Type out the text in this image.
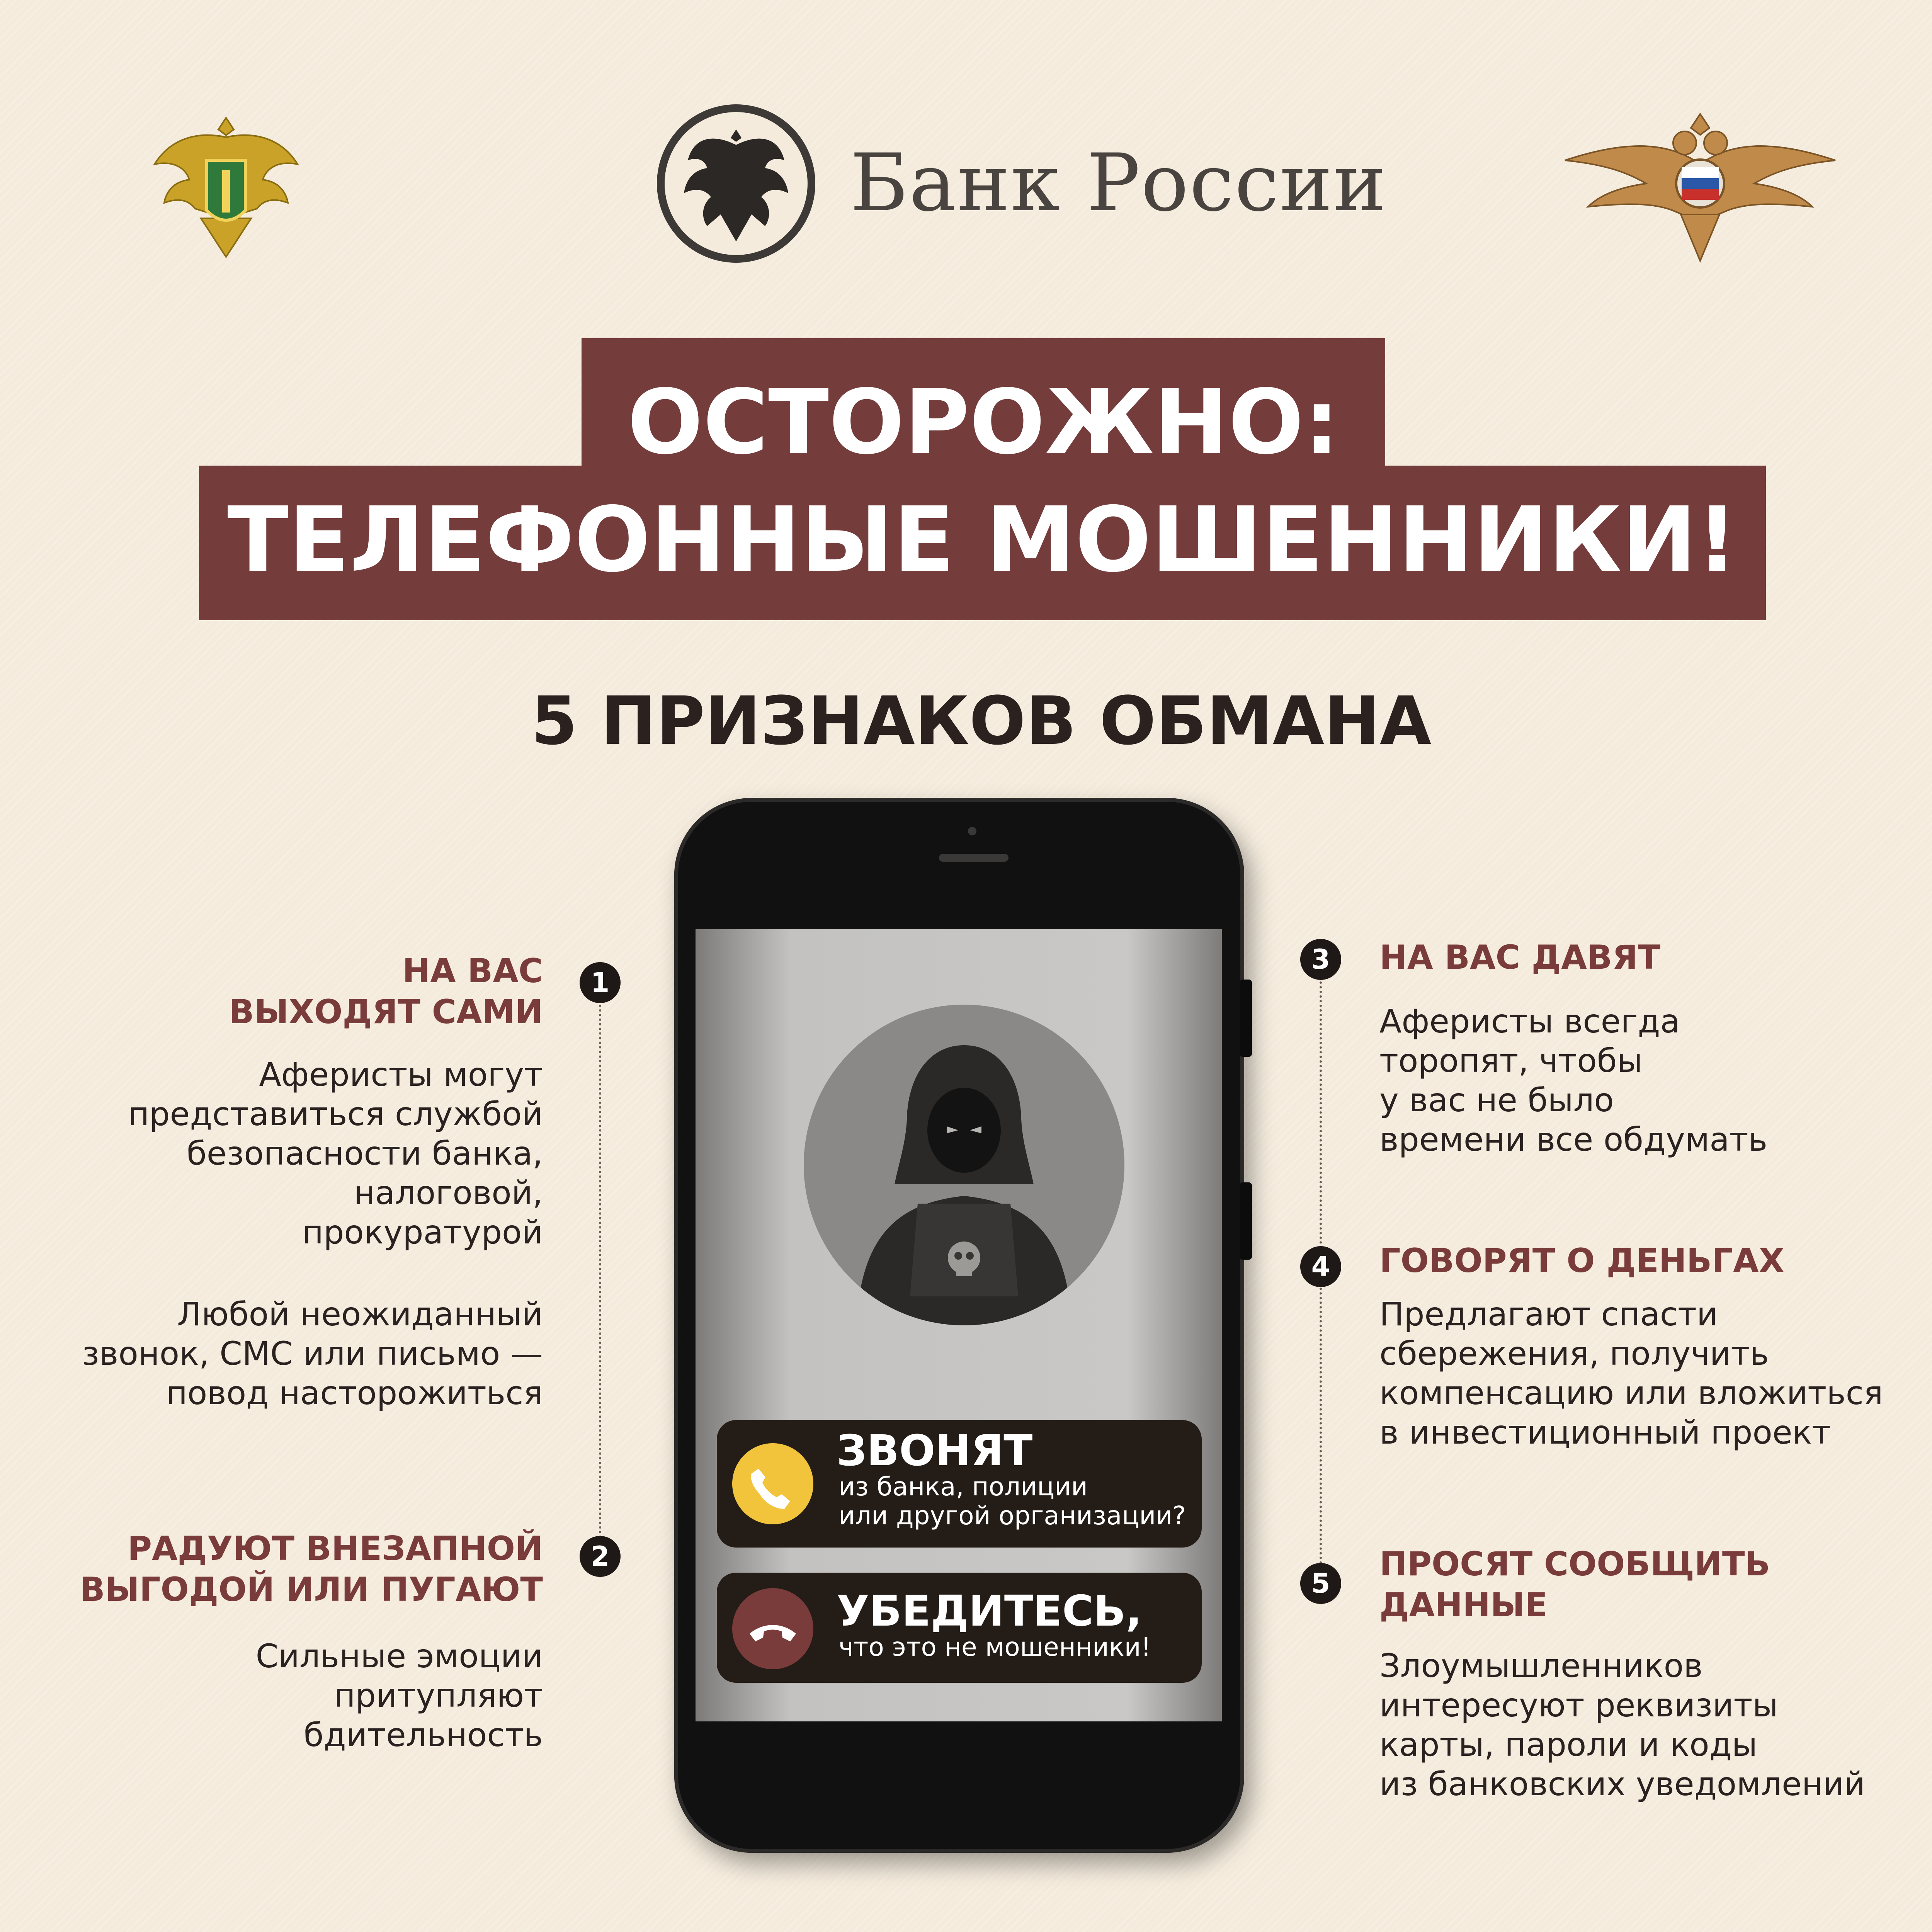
Банк России
ОСТОРОЖНО:
ТЕЛЕФОННЫЕ МОШЕННИКИ!
5 ПРИЗНАКОВ ОБМАНА
ЗВОНЯТ
из банка, полиции
или другой организации?
УБЕДИТЕСЬ,
что это не мошенники!
1
2
НА ВАС
ВЫХОДЯТ САМИ
Аферисты могут
представиться службой
безопасности банка,
налоговой,
прокуратурой
Любой неожиданный
звонок, СМС или письмо —
повод насторожиться
РАДУЮТ ВНЕЗАПНОЙ
ВЫГОДОЙ ИЛИ ПУГАЮТ
Сильные эмоции
притупляют
бдительность
3
4
5
НА ВАС ДАВЯТ
Аферисты всегда
торопят, чтобы
у вас не было
времени все обдумать
ГОВОРЯТ О ДЕНЬГАХ
Предлагают спасти
сбережения, получить
компенсацию или вложиться
в инвестиционный проект
ПРОСЯТ СООБЩИТЬ
ДАННЫЕ
Злоумышленников
интересуют реквизиты
карты, пароли и коды
из банковских уведомлений
